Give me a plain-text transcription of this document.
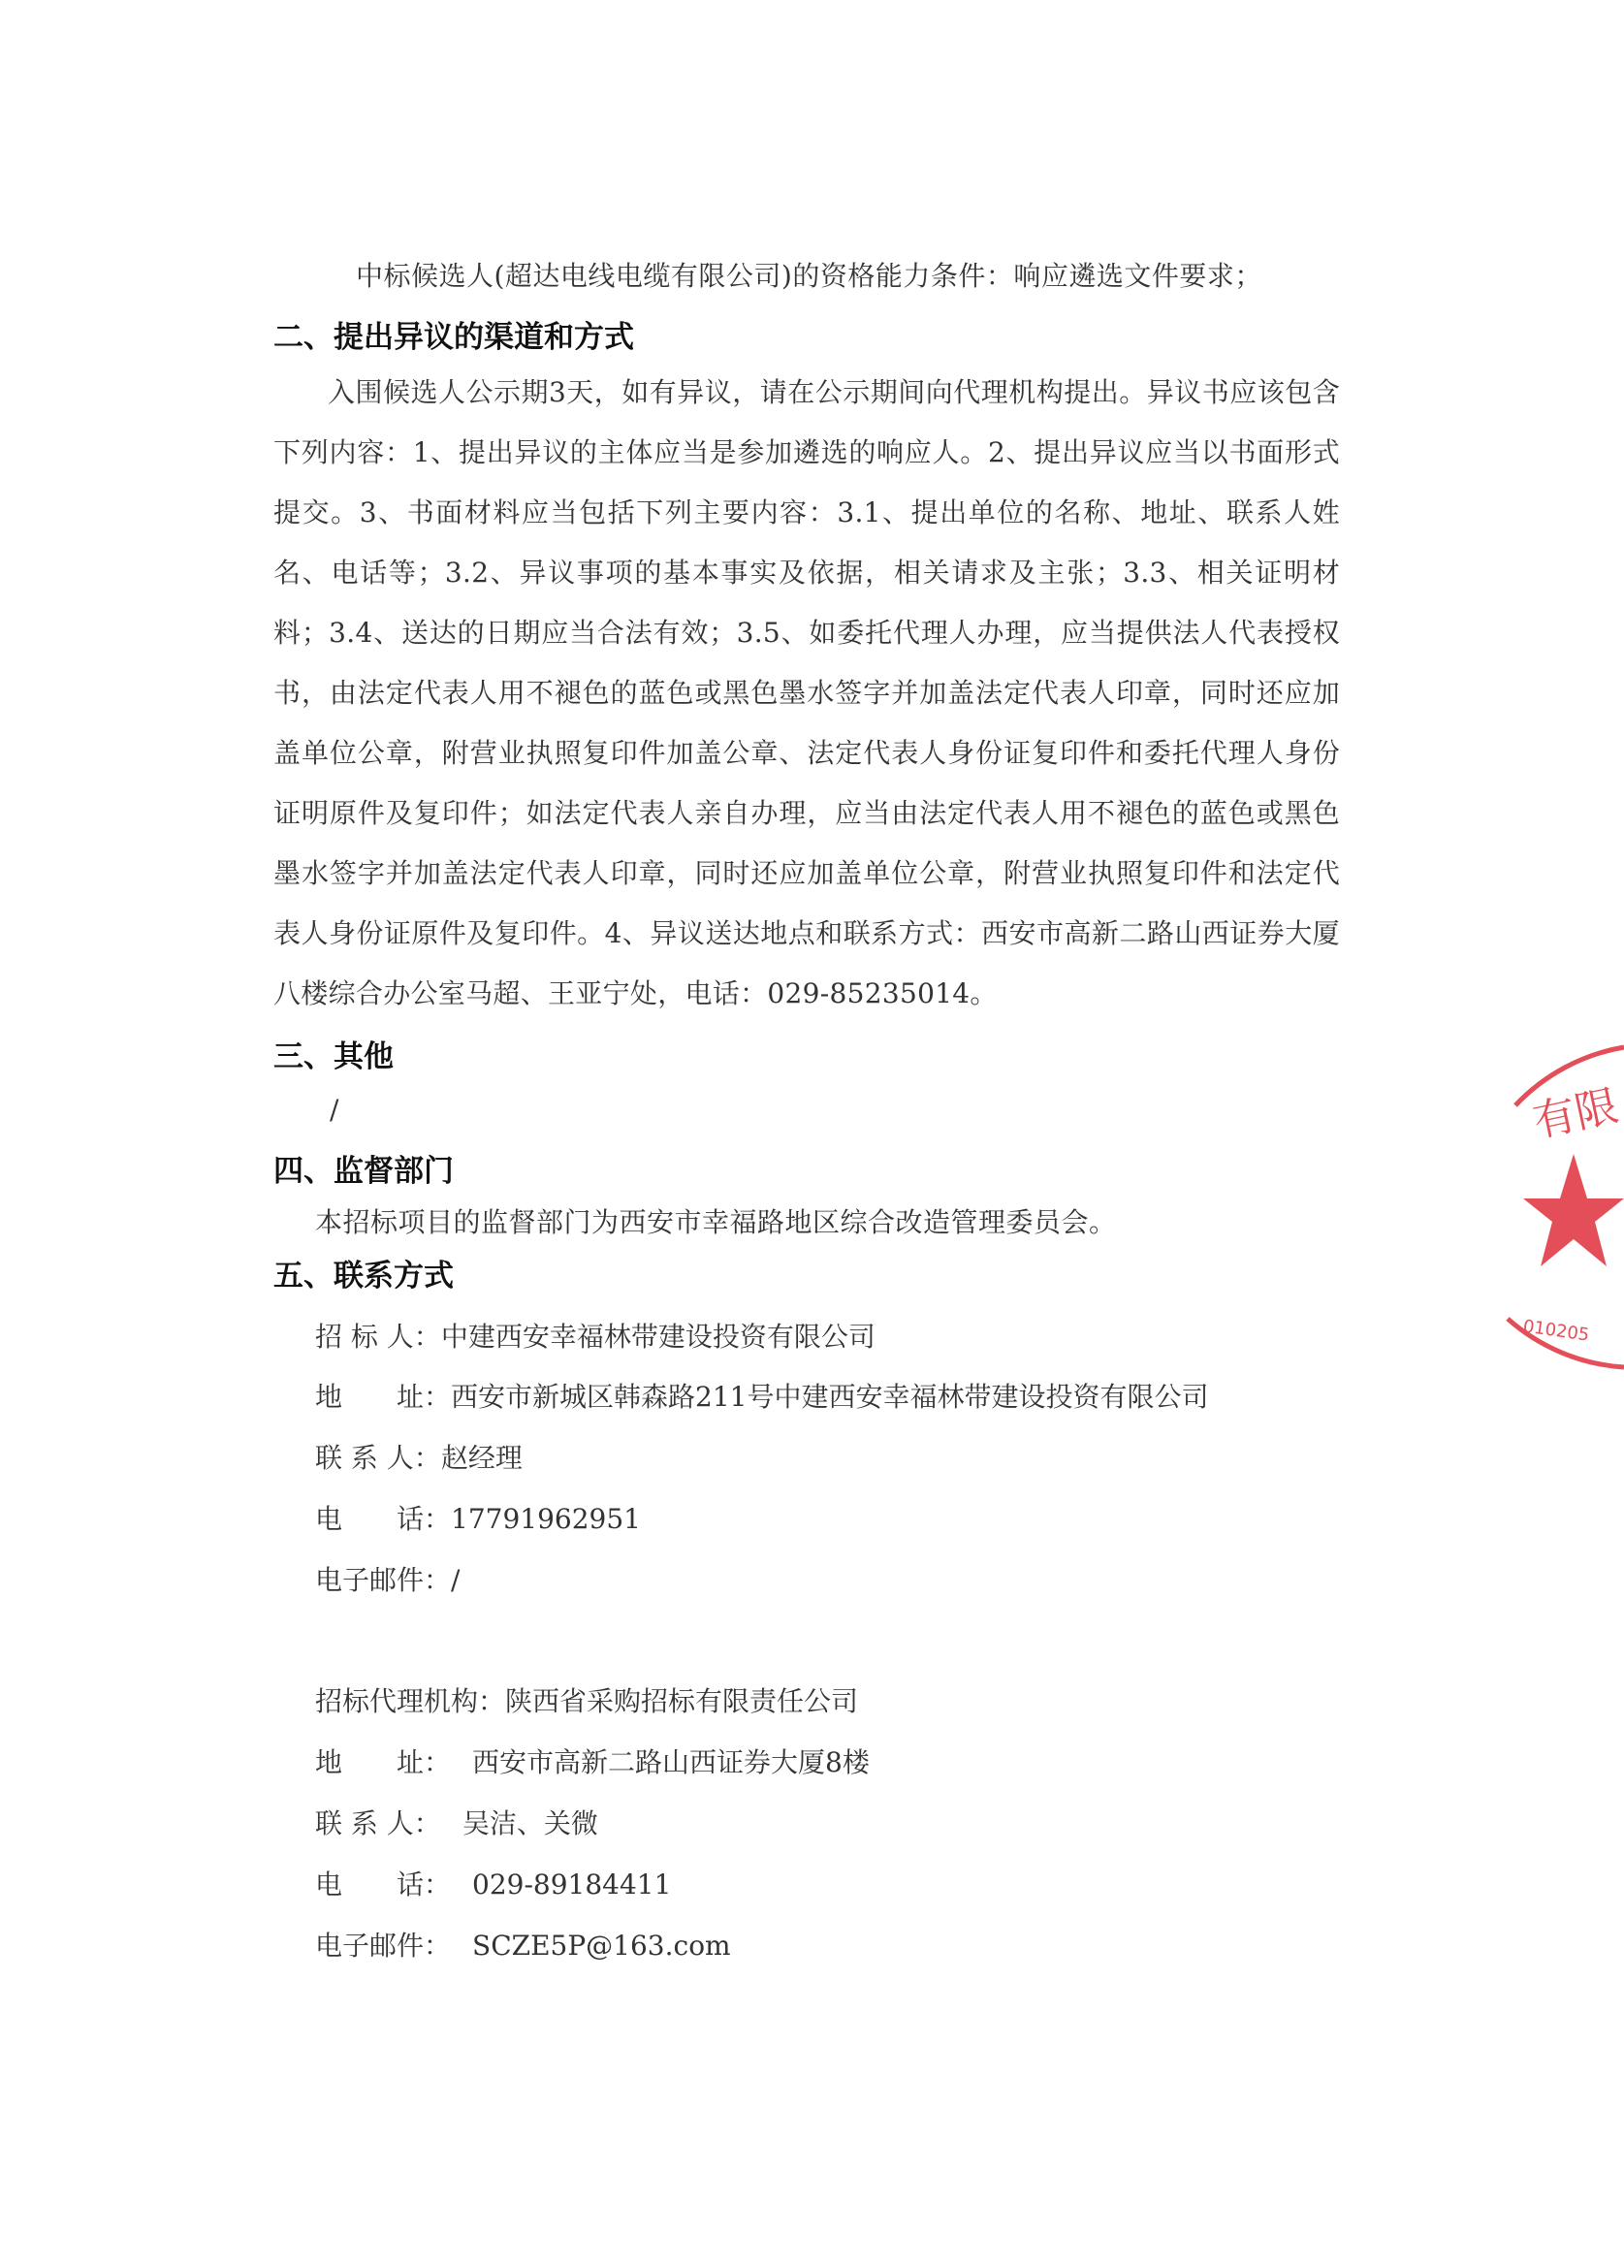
中标候选人(超达电线电缆有限公司)的资格能力条件：响应遴选文件要求；
二、提出异议的渠道和方式
入围候选人公示期3天，如有异议，请在公示期间向代理机构提出。异议书应该包含下列内容：1、提出异议的主体应当是参加遴选的响应人。2、提出异议应当以书面形式提交。3、书面材料应当包括下列主要内容：3.1、提出单位的名称、地址、联系人姓名、电话等；3.2、异议事项的基本事实及依据，相关请求及主张；3.3、相关证明材料；3.4、送达的日期应当合法有效；3.5、如委托代理人办理，应当提供法人代表授权书，由法定代表人用不褪色的蓝色或黑色墨水签字并加盖法定代表人印章，同时还应加盖单位公章，附营业执照复印件加盖公章、法定代表人身份证复印件和委托代理人身份证明原件及复印件；如法定代表人亲自办理，应当由法定代表人用不褪色的蓝色或黑色墨水签字并加盖法定代表人印章，同时还应加盖单位公章，附营业执照复印件和法定代表人身份证原件及复印件。4、异议送达地点和联系方式：西安市高新二路山西证券大厦八楼综合办公室马超、王亚宁处，电话：029-85235014。
三、其他
/
四、监督部门
本招标项目的监督部门为西安市幸福路地区综合改造管理委员会。
五、联系方式
招 标 人：中建西安幸福林带建设投资有限公司
地　　址：西安市新城区韩森路211号中建西安幸福林带建设投资有限公司
联 系 人：赵经理
电　　话：17791962951
电子邮件：/
招标代理机构：陕西省采购招标有限责任公司
地　　址： 西安市高新二路山西证券大厦8楼
联 系 人： 吴洁、关微
电　　话： 029-89184411
电子邮件： SCZE5P@163.com
有限
010205
